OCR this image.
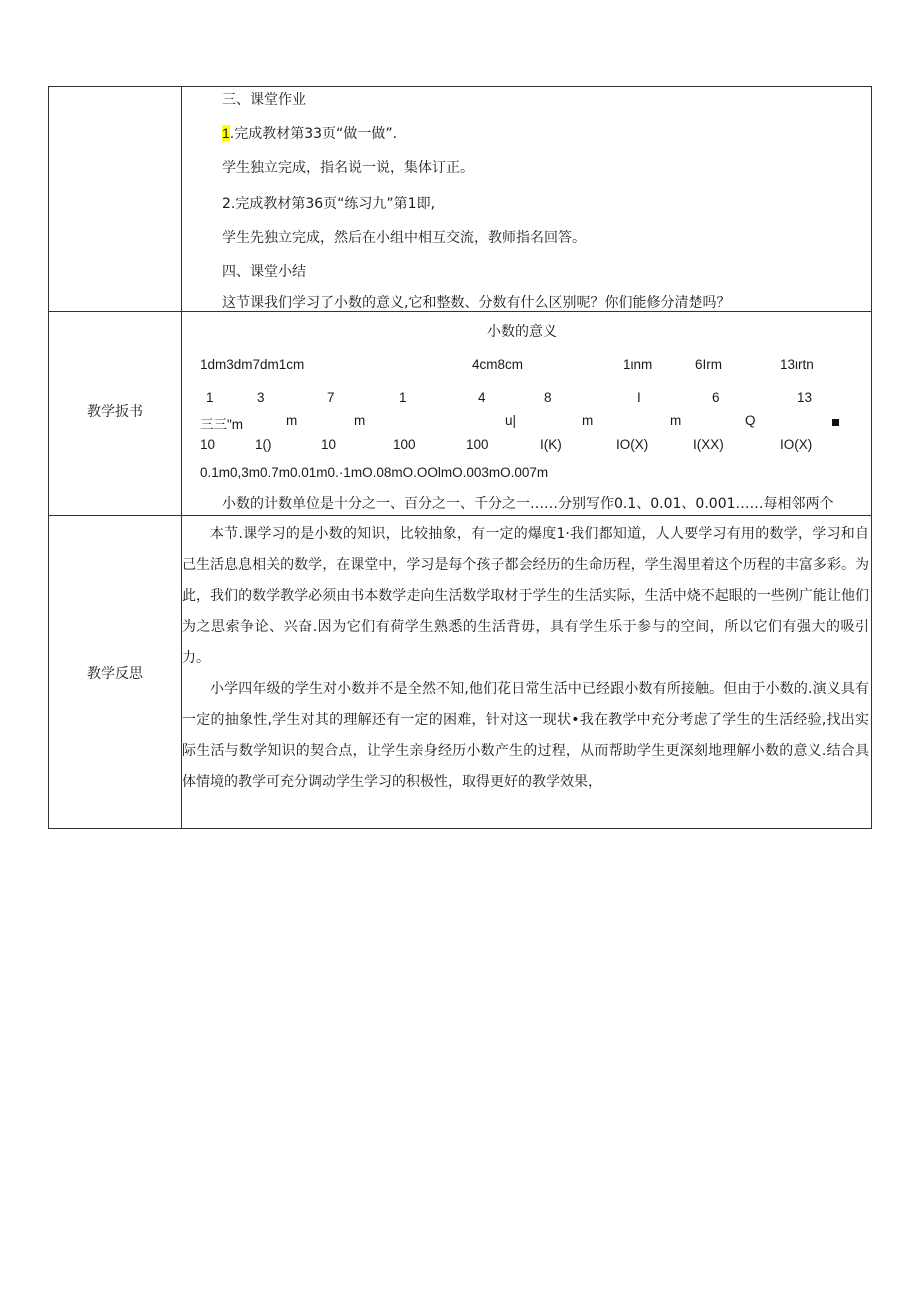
三、课堂作业
1.完成教材第33页“做一做”.
学生独立完成，指名说一说，集体订正。
2.完成教材第36页“练习九”第1即,
学生先独立完成，然后在小组中相互交流，教师指名回答。
四、课堂小结
这节课我们学习了小数的意义,它和整数、分数有什么区别呢？你们能修分清楚吗？
教学扳书
小数的意义
1dm3dm7dm1cm	4cm8cm	1ιnm	6Irm	13ιrtn
1	3	7	1	4	8	I	6	13
三三"m	m	m	u|	m	m	Q
10	1()	10	100	100	I(K)	IO(X)	I(XX)	IO(X)
0.1m0,3m0.7m0.01m0.·1mO.08mO.OOlmO.003mO.007m
小数的计数单位是十分之一、百分之一、千分之一……分别写作0.1、0.01、0.001……每相邻两个
教学反思
本节.课学习的是小数的知识，比较抽象，有一定的爆度1·我们都知道，人人要学习有用的数学，学习和自己生活息息相关的数学，在课堂中，学习是每个孩子都会经历的生命历程，学生渴里着这个历程的丰富多彩。为此，我们的数学教学必须由书本数学走向生活数学取材于学生的生活实际，生活中烧不起眼的一些例广能让他们为之思索争论、兴奋.因为它们有荷学生熟悉的生活背毋，具有学生乐于参与的空间，所以它们有强大的吸引力。
小学四年级的学生对小数并不是全然不知,他们花日常生活中已经跟小数有所接触。但由于小数的.演义具有一定的抽象性,学生对其的理解还有一定的困难，针对这一现状•我在教学中充分考虑了学生的生活经验,找出实际生活与数学知识的契合点，让学生亲身经历小数产生的过程，从而帮助学生更深刻地理解小数的意义.结合具体情境的教学可充分调动学生学习的积极性，取得更好的教学效果，
